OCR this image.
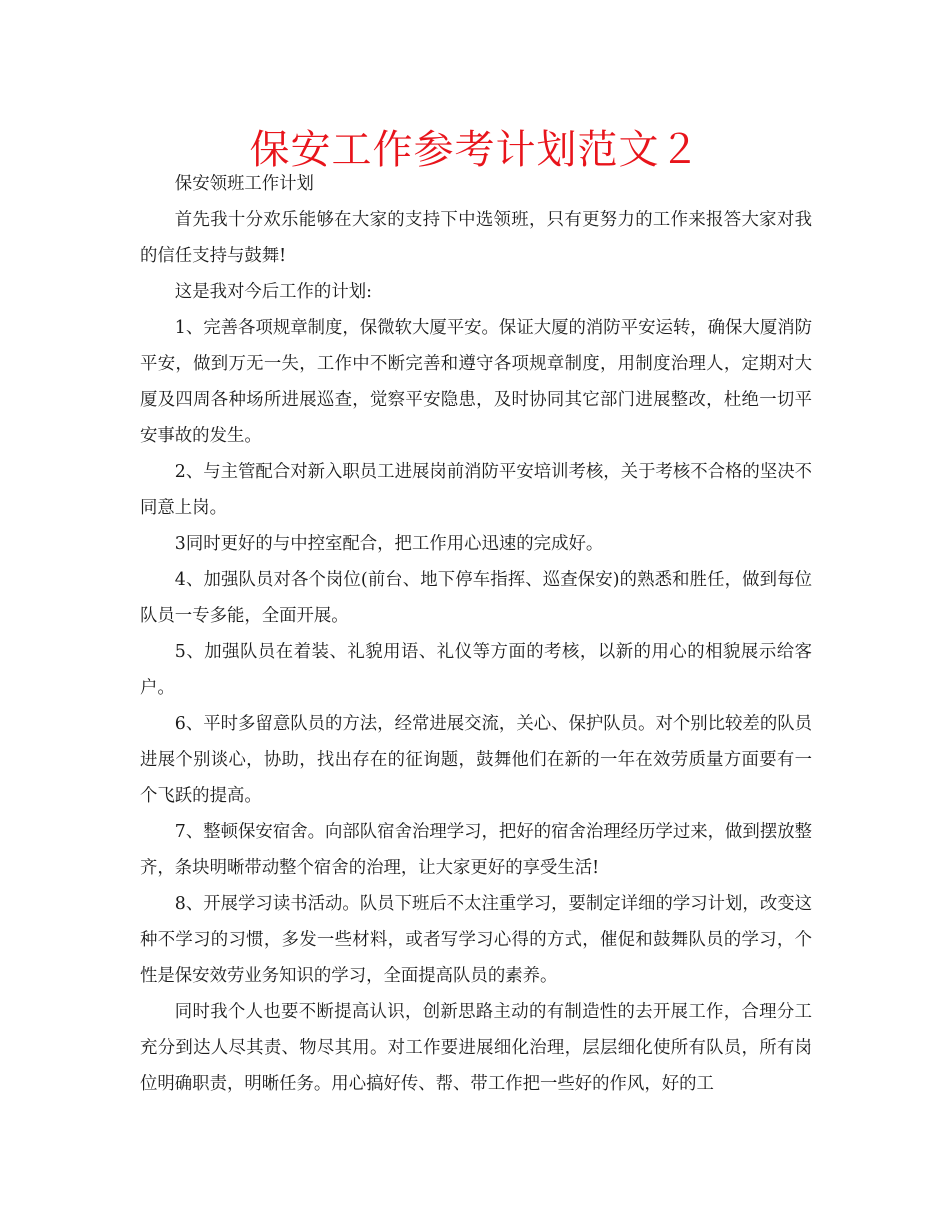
保安工作参考计划范文２

保安领班工作计划

首先我十分欢乐能够在大家的支持下中选领班，只有更努力的工作来报答大家对我的信任支持与鼓舞!

这是我对今后工作的计划:

1、完善各项规章制度，保微软大厦平安。保证大厦的消防平安运转，确保大厦消防平安，做到万无一失，工作中不断完善和遵守各项规章制度，用制度治理人，定期对大厦及四周各种场所进展巡查，觉察平安隐患，及时协同其它部门进展整改，杜绝一切平安事故的发生。

2、与主管配合对新入职员工进展岗前消防平安培训考核，关于考核不合格的坚决不同意上岗。

3同时更好的与中控室配合，把工作用心迅速的完成好。

4、加强队员对各个岗位(前台、地下停车指挥、巡查保安)的熟悉和胜任，做到每位队员一专多能，全面开展。

5、加强队员在着装、礼貌用语、礼仪等方面的考核，以新的用心的相貌展示给客户。

6、平时多留意队员的方法，经常进展交流，关心、保护队员。对个别比较差的队员进展个别谈心，协助，找出存在的征询题，鼓舞他们在新的一年在效劳质量方面要有一个飞跃的提高。

7、整顿保安宿舍。向部队宿舍治理学习，把好的宿舍治理经历学过来，做到摆放整齐，条块明晰带动整个宿舍的治理，让大家更好的享受生活!

8、开展学习读书活动。队员下班后不太注重学习，要制定详细的学习计划，改变这种不学习的习惯，多发一些材料，或者写学习心得的方式，催促和鼓舞队员的学习，个性是保安效劳业务知识的学习，全面提高队员的素养。

同时我个人也要不断提高认识，创新思路主动的有制造性的去开展工作，合理分工充分到达人尽其责、物尽其用。对工作要进展细化治理，层层细化使所有队员，所有岗位明确职责，明晰任务。用心搞好传、帮、带工作把一些好的作风，好的工
